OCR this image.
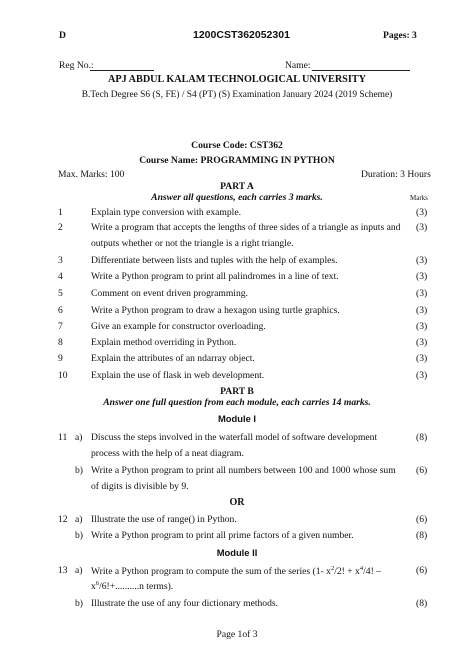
D	1200CST362052301	Pages: 3
Reg No.:	Name:
APJ ABDUL KALAM TECHNOLOGICAL UNIVERSITY
B.Tech Degree S6 (S, FE) / S4 (PT) (S) Examination January 2024 (2019 Scheme)
Course Code: CST362
Course Name: PROGRAMMING IN PYTHON
Max. Marks: 100	Duration: 3 Hours
PART A
Answer all questions, each carries 3 marks.	Marks
1	Explain type conversion with example.	(3)
2	Write a program that accepts the lengths of three sides of a triangle as inputs and
outputs whether or not the triangle is a right triangle.
(3)
3	Differentiate between lists and tuples with the help of examples.	(3)
4	Write a Python program to print all palindromes in a line of text.	(3)
5	Comment on event driven programming.	(3)
6	Write a Python program to draw a hexagon using turtle graphics.	(3)
7	Give an example for constructor overloading.	(3)
8	Explain method overriding in Python.	(3)
9	Explain the attributes of an ndarray object.	(3)
10 Explain the use of flask in web development.	(3)
PART B
Answer one full question from each module, each carries 14 marks.
Module I
11 a) Discuss the steps involved in the waterfall model of software development
process with the help of a neat diagram.
(8)
b) Write a Python program to print all numbers between 100 and 1000 whose sum
of digits is divisible by 9.
(6)
OR
12 a) Illustrate the use of range() in Python.	(6)
b) Write a Python program to print all prime factors of a given number.	(8)
Module II
13 a) Write a Python program to compute the sum of the series (1- $x^2/2$! + $x^4/4$! –
$x^6/6!+..........n$ terms).
(6)
b) Illustrate the use of any four dictionary methods.	(8)
Page 1of 3
